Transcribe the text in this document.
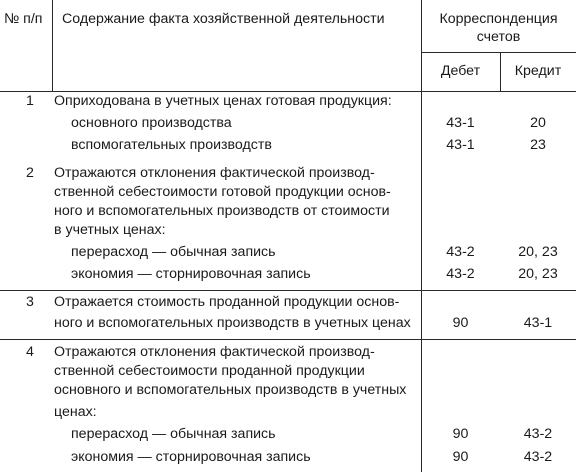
№ п/п Содержание факта хозяйственной деятельности	Корреспонденция
счетов
Дебет	Кредит
1 Оприходована в учетных ценах готовая продукция:
основного производства	43-1	20
вспомогательных производств	43-1	23
2 Отражаются отклонения фактической производ-
ственной себестоимости готовой продукции основ-
ного и вспомогательных производств от стоимости
в учетных ценах:
перерасход — обычная запись	43-2	20, 23
экономия — сторнировочная запись	43-2	20, 23
3 Отражается стоимость проданной продукции основ-
ного и вспомогательных производств в учетных ценах	90	43-1
4 Отражаются отклонения фактической производ-
ственной себестоимости проданной продукции
основного и вспомогательных производств в учетных
ценах:
перерасход — обычная запись	90	43-2
экономия — сторнировочная запись	90	43-2
